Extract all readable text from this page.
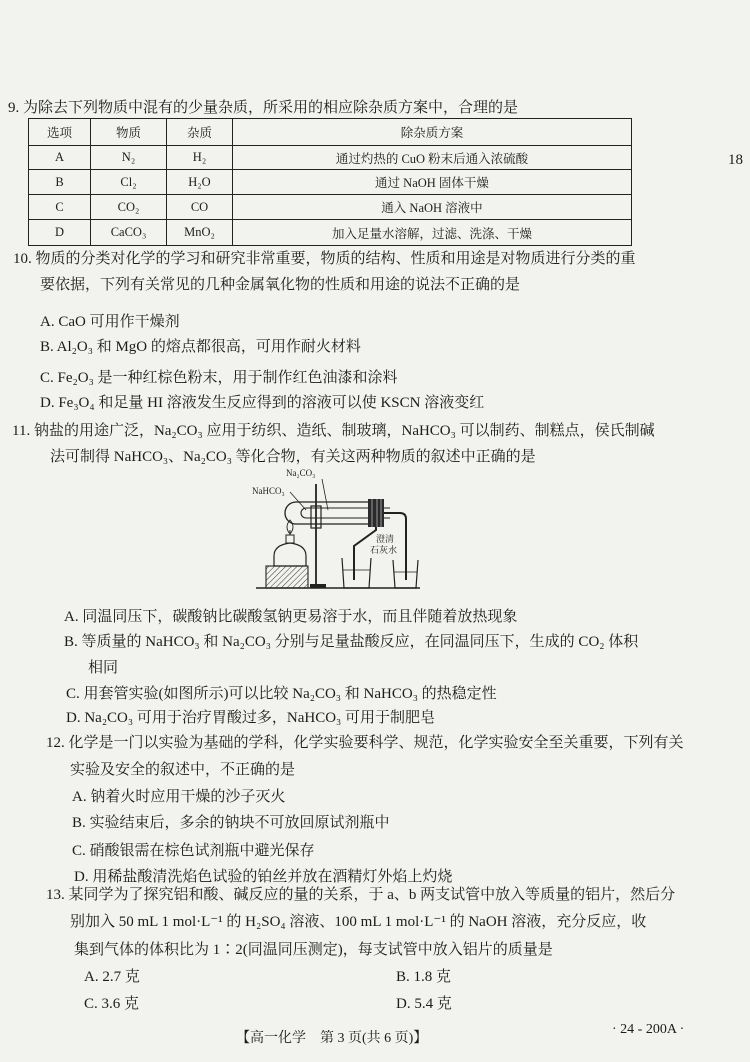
18
9. 为除去下列物质中混有的少量杂质，所采用的相应除杂质方案中，合理的是
选项	物质	杂质	除杂质方案
A	N₂	H₂	通过灼热的 CuO 粉末后通入浓硫酸
B	Cl₂	H₂O	通过 NaOH 固体干燥
C	CO₂	CO	通入 NaOH 溶液中
D	CaCO₃	MnO₂	加入足量水溶解，过滤、洗涤、干燥
10. 物质的分类对化学的学习和研究非常重要，物质的结构、性质和用途是对物质进行分类的重
要依据，下列有关常见的几种金属氧化物的性质和用途的说法不正确的是
A. CaO 可用作干燥剂
B. Al₂O₃ 和 MgO 的熔点都很高，可用作耐火材料
C. Fe₂O₃ 是一种红棕色粉末，用于制作红色油漆和涂料
D. Fe₃O₄ 和足量 HI 溶液发生反应得到的溶液可以使 KSCN 溶液变红
11. 钠盐的用途广泛，Na₂CO₃ 应用于纺织、造纸、制玻璃，NaHCO₃ 可以制药、制糕点，侯氏制碱
法可制得 NaHCO₃、Na₂CO₃ 等化合物，有关这两种物质的叙述中正确的是
Na₂CO₃
NaHCO₃
澄清
石灰水
A. 同温同压下，碳酸钠比碳酸氢钠更易溶于水，而且伴随着放热现象
B. 等质量的 NaHCO₃ 和 Na₂CO₃ 分别与足量盐酸反应，在同温同压下，生成的 CO₂ 体积
相同
C. 用套管实验(如图所示)可以比较 Na₂CO₃ 和 NaHCO₃ 的热稳定性
D. Na₂CO₃ 可用于治疗胃酸过多，NaHCO₃ 可用于制肥皂
12. 化学是一门以实验为基础的学科，化学实验要科学、规范，化学实验安全至关重要，下列有关
实验及安全的叙述中，不正确的是
A. 钠着火时应用干燥的沙子灭火
B. 实验结束后，多余的钠块不可放回原试剂瓶中
C. 硝酸银需在棕色试剂瓶中避光保存
D. 用稀盐酸清洗焰色试验的铂丝并放在酒精灯外焰上灼烧
13. 某同学为了探究铝和酸、碱反应的量的关系，于 a、b 两支试管中放入等质量的铝片，然后分
别加入 50 mL 1 mol·L⁻¹ 的 H₂SO₄ 溶液、100 mL 1 mol·L⁻¹ 的 NaOH 溶液，充分反应，收
集到气体的体积比为 1∶2(同温同压测定)，每支试管中放入铝片的质量是
A. 2.7 克	B. 1.8 克
C. 3.6 克	D. 5.4 克
【高一化学　第 3 页(共 6 页)】
· 24 - 200A ·
